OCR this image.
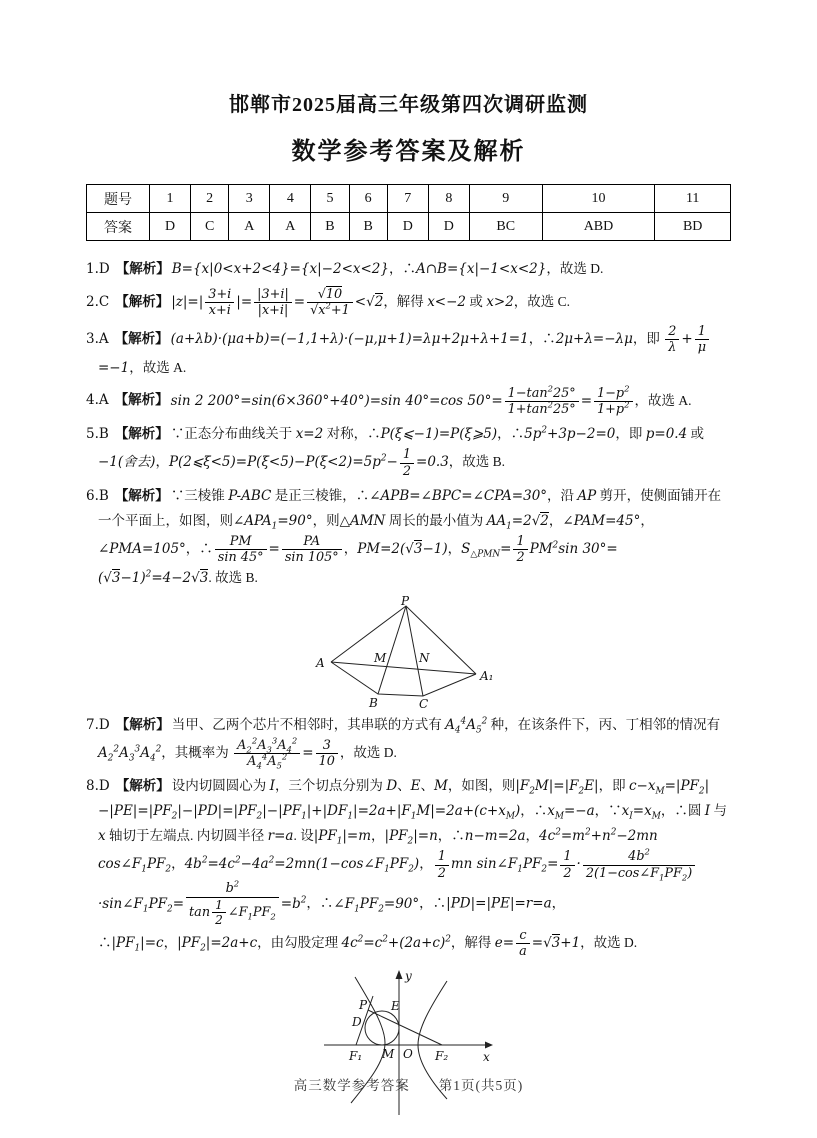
邯郸市2025届高三年级第四次调研监测
数学参考答案及解析
题号	1	2	3	4	5	6	7	8	9	10	11
答案	D	C	A	A	B	B	D	D	BC	ABD	BD
1.D 【解析】 B={x|0<x+2<4}={x|−2<x<2}，∴A∩B={x|−1<x<2}，故选 D.
2.C 【解析】 $|z|=| \frac{3+i}{x+i}$ |= $\frac{|3+i|}{|x+i|} = \frac{√10}{√x^2+1} <√2$，解得 x<−2 或 x>2，故选 C.
3.A 【解析】 (a+λb)·(μa+b)=(−1,1+λ)·(−μ,μ+1)=λμ+2μ+λ+1=1，∴2μ+λ=−λμ，即 $\frac{2}{\lambda} + \frac{1}{\mu}$
=−1，故选 A.
4.A 【解析】 sin 2 200°=sin(6×360°+40°)=sin 40°=cos $50^\circ= \frac{1-\tan^225^\circ}{1+\tan^225^\circ} = \frac{1-p^2}{1+p^2}$ ，故选 A.
5.B 【解析】 ∵正态分布曲线关于 x=2 对称，∴P(ξ⩽−1)=P(ξ⩾5)，$\therefore 5p^2+3p-2=0$，即 p=0.4 或 −1(舍去)，$P(2⩽\xi<5)=P(\xi<5)-P(\xi<2)=5p^2- \frac{1}{2} =0.3$，故选 B.
6.B 【解析】 ∵三棱锥 P-ABC 是正三棱锥，∴∠APB=∠BPC=∠CPA=30°，沿 AP 剪开，使侧面铺开在一个平面上，如图，则$\angle APA_1=90^\circ$，则△AMN 周长的最小值为 $AA_1=2√2$，∠PAM=45°，∠PMA=105°，∴ $\frac{PM}{\sin 45^\circ} = \frac{PA}{\sin 105^\circ}$ ，PM=2(√3−1)，$S_{\triangle PMN}= \frac{1}{2} PM^2\sin$ $30^\circ=(√3-1)^2=4-2√3$. 故选 B.
P
A	M	N
A₁
B	C
7.D 【解析】 当甲、乙两个芯片不相邻时，其串联的方式有 $A_4^4A_5^2$ 种，在该条件下，丙、丁相邻的情况有 $A_2^2A_3^3A_4^2$，其概率为 $\frac{A_2^2A_3^3A_4^2}{A_4^4A_5^2} = \frac{3}{10}$ ，故选 D.
8.D 【解析】 设内切圆圆心为 I，三个切点分别为 D、E、M，如图，则$|F_2M|=|F_2E|$，即 $c-x_M=|PF_2|-|PE|=|PF_2|-|PD|=|PF_2|-|PF_1|+|DF_1|=2a+|F_1M|=2a+(c+x_M)$，$\therefore x_M=-a$，$\because x_I=x_M$，∴圆 I 与 x 轴切于左端点. 内切圆半径 r=a. 设$|PF_1|=m$，$|PF_2|=n$，∴n−m=2a，$4c^2=m^2+n^2-2mn$ $\cos\angle F_1PF_2$，$4b^2=4c^2-4a^2=2mn(1-\cos\angle F_1PF_2)$， $\frac{1}{2}$ mn $\sin\angle F_1PF_2= \frac{1}{2} \cdot \frac{4b^2}{2(1-\cos\angle F_1PF_2)}$
$\cdot\sin\angle F_1PF_2= \frac{b^2}{\tan \frac{1}{2} \angle F_1PF_2} =b^2$，$\therefore\angle F_1PF_2=90^\circ$，∴|PD|=|PE|=r=a，$\therefore|PF_1|=c$，$|PF_2|=2a+c$，由勾股定理 $4c^2=c^2+(2a+c)^2$，解得 $e= \frac{c}{a} =√3+1$，故选 D.
y
x
P E
D
F₁ M O F₂
高三数学参考答案　　第1页(共5页)
